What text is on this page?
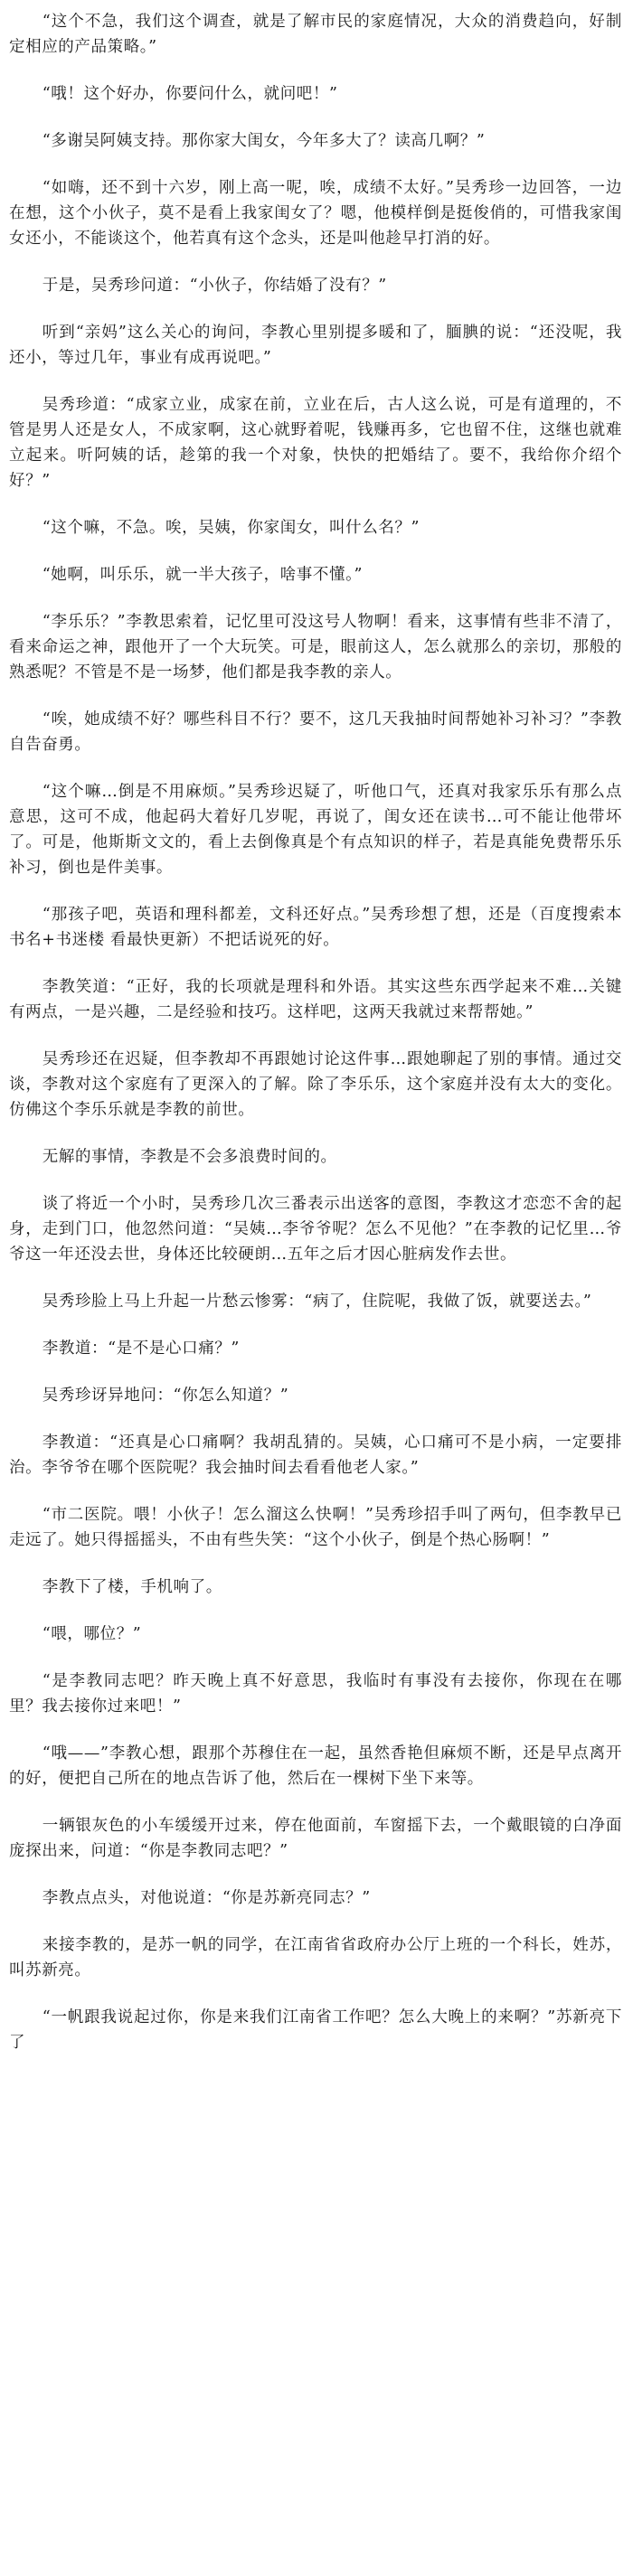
“这个不急，我们这个调查，就是了解市民的家庭情况，大众的消费趋向，好制定相应的产品策略。”

“哦！这个好办，你要问什么，就问吧！”

“多谢吴阿姨支持。那你家大闺女，今年多大了？读高几啊？”

“如嗨，还不到十六岁，刚上高一呢，唉，成绩不太好。”吴秀珍一边回答，一边在想，这个小伙子，莫不是看上我家闺女了？嗯，他模样倒是挺俊俏的，可惜我家闺女还小，不能谈这个，他若真有这个念头，还是叫他趁早打消的好。

于是，吴秀珍问道：“小伙子，你结婚了没有？”

听到“亲妈”这么关心的询问，李教心里别提多暖和了，腼腆的说：“还没呢，我还小，等过几年，事业有成再说吧。”

吴秀珍道：“成家立业，成家在前，立业在后，古人这么说，可是有道理的，不管是男人还是女人，不成家啊，这心就野着呢，钱赚再多，它也留不住，这继也就难立起来。听阿姨的话，趁第的我一个对象，快快的把婚结了。要不，我给你介绍个好？”

“这个嘛，不急。唉，吴姨，你家闺女，叫什么名？”

“她啊，叫乐乐，就一半大孩子，啥事不懂。”

“李乐乐？”李教思索着，记忆里可没这号人物啊！看来，这事情有些非不清了，看来命运之神，跟他开了一个大玩笑。可是，眼前这人，怎么就那么的亲切，那般的熟悉呢？不管是不是一场梦，他们都是我李教的亲人。

“唉，她成绩不好？哪些科目不行？要不，这几天我抽时间帮她补习补习？”李教自告奋勇。

“这个嘛…倒是不用麻烦。”吴秀珍迟疑了，听他口气，还真对我家乐乐有那么点意思，这可不成，他起码大着好几岁呢，再说了，闺女还在读书…可不能让他带坏了。可是，他斯斯文文的，看上去倒像真是个有点知识的样子，若是真能免费帮乐乐补习，倒也是件美事。

“那孩子吧，英语和理科都差，文科还好点。”吴秀珍想了想，还是（百度搜索本书名+书迷楼 看最快更新）不把话说死的好。

李教笑道：“正好，我的长项就是理科和外语。其实这些东西学起来不难…关键有两点，一是兴趣，二是经验和技巧。这样吧，这两天我就过来帮帮她。”

吴秀珍还在迟疑，但李教却不再跟她讨论这件事…跟她聊起了别的事情。通过交谈，李教对这个家庭有了更深入的了解。除了李乐乐，这个家庭并没有太大的变化。仿佛这个李乐乐就是李教的前世。

无解的事情，李教是不会多浪费时间的。

谈了将近一个小时，吴秀珍几次三番表示出送客的意图，李教这才恋恋不舍的起身，走到门口，他忽然问道：“吴姨…李爷爷呢？怎么不见他？”在李教的记忆里…爷爷这一年还没去世，身体还比较硬朗…五年之后才因心脏病发作去世。

吴秀珍脸上马上升起一片愁云惨雾：“病了，住院呢，我做了饭，就要送去。”

李教道：“是不是心口痛？”

吴秀珍讶异地问：“你怎么知道？”

李教道：“还真是心口痛啊？我胡乱猜的。吴姨，心口痛可不是小病，一定要排治。李爷爷在哪个医院呢？我会抽时间去看看他老人家。”

“市二医院。喂！小伙子！怎么溜这么快啊！”吴秀珍招手叫了两句，但李教早已走远了。她只得摇摇头，不由有些失笑：“这个小伙子，倒是个热心肠啊！”

李教下了楼，手机响了。

“喂，哪位？”

“是李教同志吧？昨天晚上真不好意思，我临时有事没有去接你，你现在在哪里？我去接你过来吧！”

“哦——”李教心想，跟那个苏穆住在一起，虽然香艳但麻烦不断，还是早点离开的好，便把自己所在的地点告诉了他，然后在一棵树下坐下来等。

一辆银灰色的小车缓缓开过来，停在他面前，车窗摇下去，一个戴眼镜的白净面庞探出来，问道：“你是李教同志吧？”

李教点点头，对他说道：“你是苏新亮同志？”

来接李教的，是苏一帆的同学，在江南省省政府办公厅上班的一个科长，姓苏，叫苏新亮。

“一帆跟我说起过你，你是来我们江南省工作吧？怎么大晚上的来啊？”苏新亮下了
